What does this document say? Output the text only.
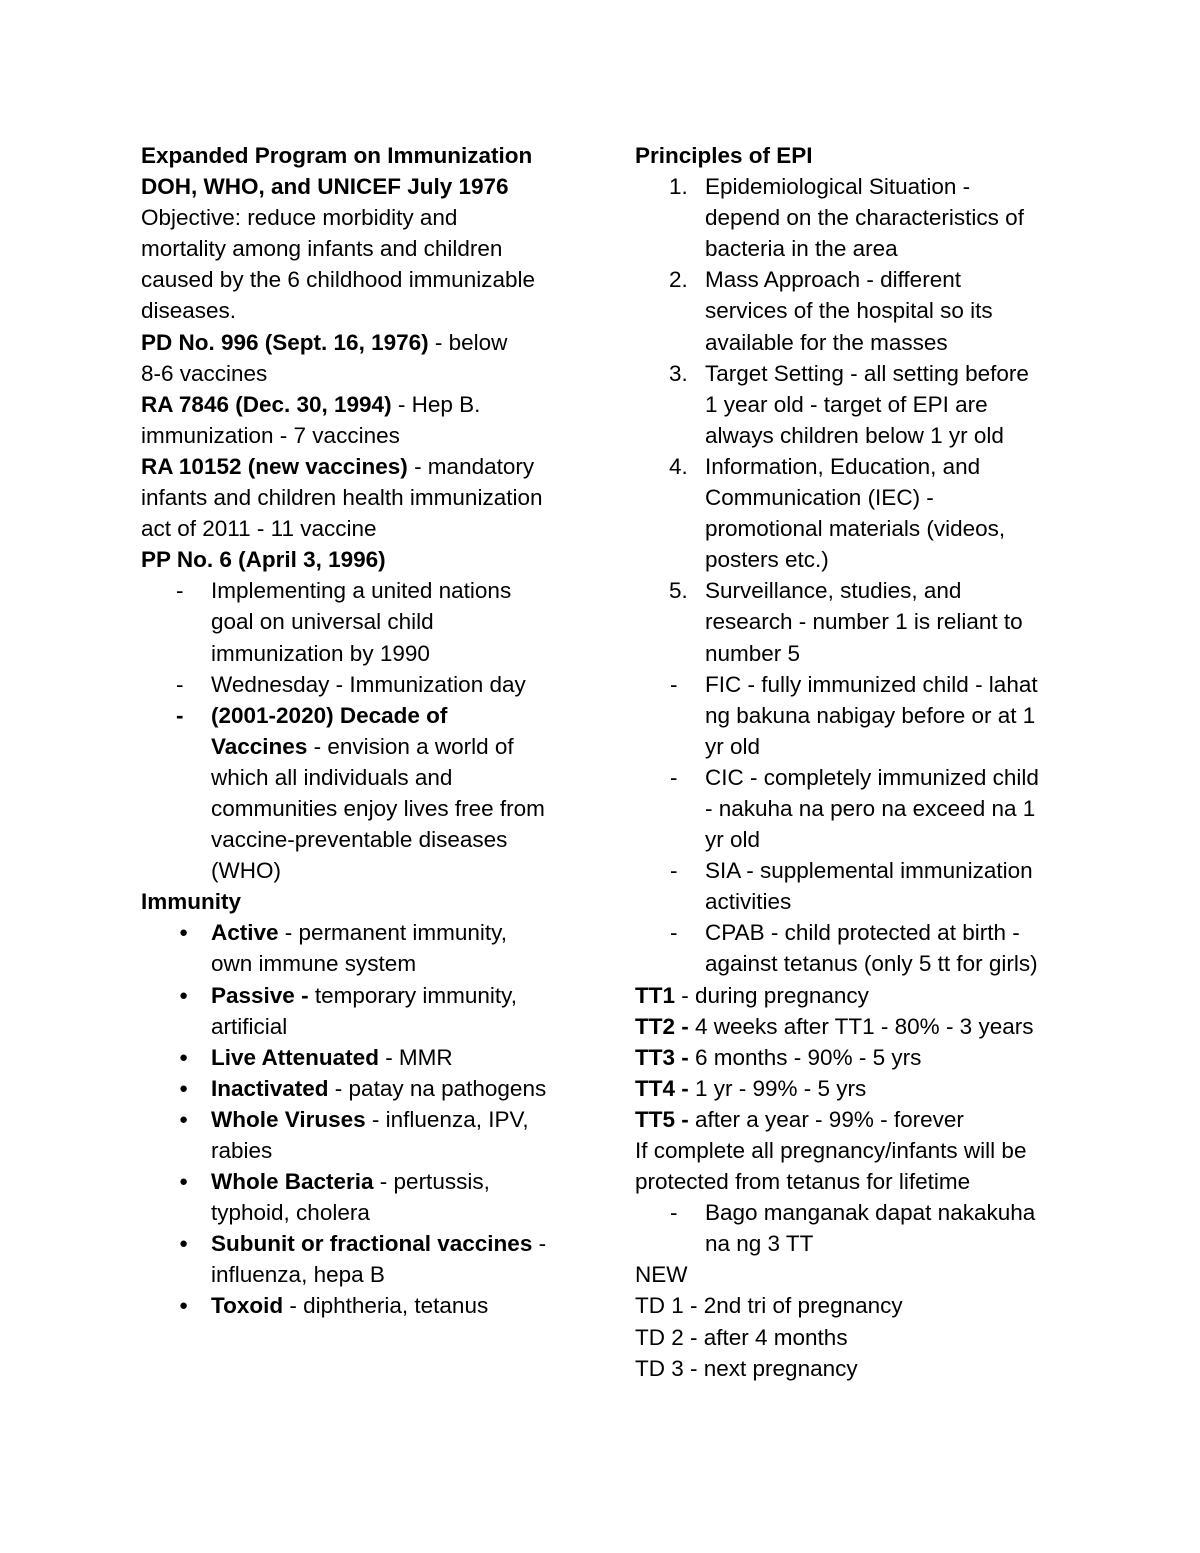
Expanded Program on Immunization
DOH, WHO, and UNICEF July 1976
Objective: reduce morbidity and
mortality among infants and children
caused by the 6 childhood immunizable
diseases.
PD No. 996 (Sept. 16, 1976) - below
8-6 vaccines
RA 7846 (Dec. 30, 1994) - Hep B.
immunization - 7 vaccines
RA 10152 (new vaccines) - mandatory
infants and children health immunization
act of 2011 - 11 vaccine
PP No. 6 (April 3, 1996)
- Implementing a united nations
goal on universal child
immunization by 1990
- Wednesday - Immunization day
- (2001-2020) Decade of
Vaccines - envision a world of
which all individuals and
communities enjoy lives free from
vaccine-preventable diseases
(WHO)
Immunity
● Active - permanent immunity,
own immune system
● Passive - temporary immunity,
artificial
● Live Attenuated - MMR
● Inactivated - patay na pathogens
● Whole Viruses - influenza, IPV,
rabies
● Whole Bacteria - pertussis,
typhoid, cholera
● Subunit or fractional vaccines -
influenza, hepa B
● Toxoid - diphtheria, tetanus
Principles of EPI
1. Epidemiological Situation -
depend on the characteristics of
bacteria in the area
2. Mass Approach - different
services of the hospital so its
available for the masses
3. Target Setting - all setting before
1 year old - target of EPI are
always children below 1 yr old
4. Information, Education, and
Communication (IEC) -
promotional materials (videos,
posters etc.)
5. Surveillance, studies, and
research - number 1 is reliant to
number 5
- FIC - fully immunized child - lahat
ng bakuna nabigay before or at 1
yr old
- CIC - completely immunized child
- nakuha na pero na exceed na 1
yr old
- SIA - supplemental immunization
activities
- CPAB - child protected at birth -
against tetanus (only 5 tt for girls)
TT1 - during pregnancy
TT2 - 4 weeks after TT1 - 80% - 3 years
TT3 - 6 months - 90% - 5 yrs
TT4 - 1 yr - 99% - 5 yrs
TT5 - after a year - 99% - forever
If complete all pregnancy/infants will be
protected from tetanus for lifetime
- Bago manganak dapat nakakuha
na ng 3 TT
NEW
TD 1 - 2nd tri of pregnancy
TD 2 - after 4 months
TD 3 - next pregnancy
